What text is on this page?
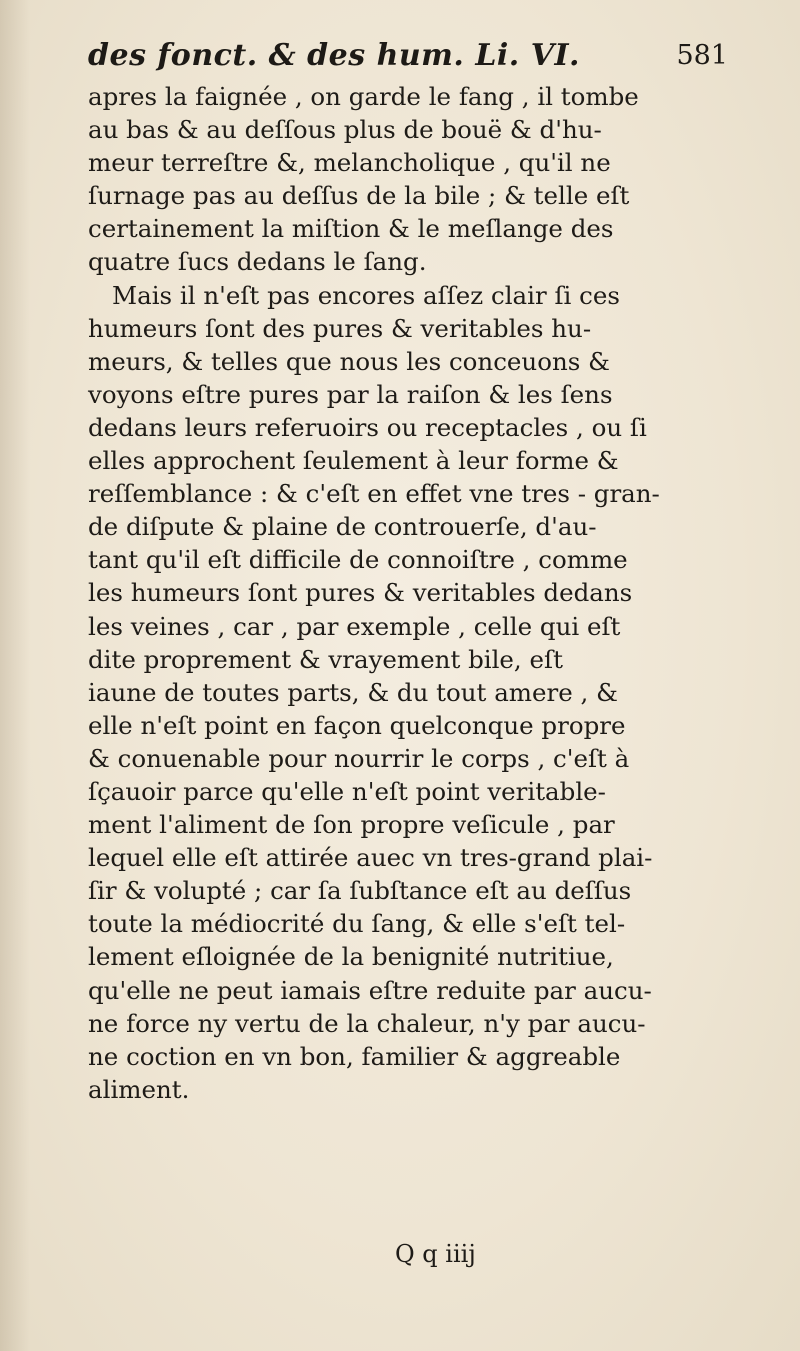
des fonct. & des hum. Li. VI.	581
apres la faignée , on garde le fang , il tombe
au bas & au deſſous plus de bouë & d'hu-
meur terreſtre &, melancholique , qu'il ne
ſurnage pas au deſſus de la bile ; & telle eſt
certainement la miſtion & le meſlange des
quatre ſucs dedans le ſang.
Mais il n'eſt pas encores aſſez clair ſi ces
humeurs ſont des pures & veritables hu-
meurs, & telles que nous les conceuons &
voyons eſtre pures par la raiſon & les ſens
dedans leurs referuoirs ou receptacles , ou ſi
elles approchent ſeulement à leur forme &
reſſemblance : & c'eſt en effet vne tres - gran-
de diſpute & plaine de controuerſe, d'au-
tant qu'il eſt difficile de connoiſtre , comme
les humeurs ſont pures & veritables dedans
les veines , car , par exemple , celle qui eſt
dite proprement & vrayement bile, eſt
iaune de toutes parts, & du tout amere , &
elle n'eſt point en façon quelconque propre
& conuenable pour nourrir le corps , c'eſt à
ſçauoir parce qu'elle n'eſt point veritable-
ment l'aliment de ſon propre veſicule , par
lequel elle eſt attirée auec vn tres-grand plai-
ſir & volupté ; car ſa ſubſtance eſt au deſſus
toute la médiocrité du ſang, & elle s'eſt tel-
lement eſloignée de la benignité nutritiue,
qu'elle ne peut iamais eſtre reduite par aucu-
ne force ny vertu de la chaleur, n'y par aucu-
ne coction en vn bon, familier & aggreable
aliment.
Q q iiij
